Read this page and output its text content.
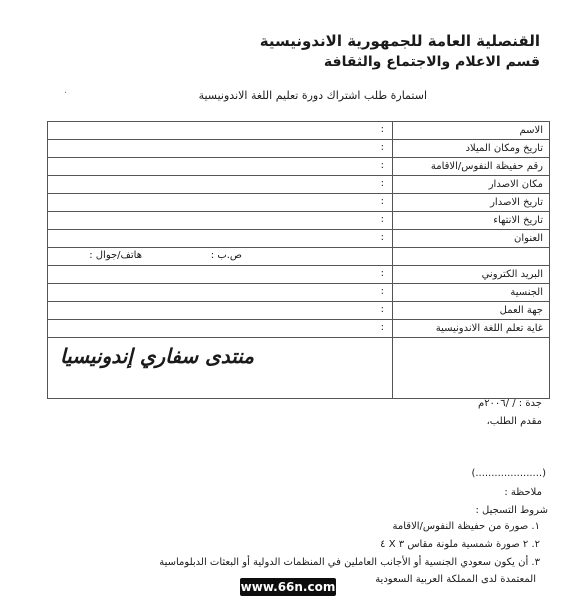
القنصلية العامة للجمهورية الاندونيسية
قسم الاعلام والاجتماع والثقافة
استمارة طلب اشتراك دورة تعليم اللغة الاندونيسية
·
:	الاسم

:	تاريخ ومكان الميلاد

:	رقم حفيظة النفوس/الاقامة

:	مكان الاصدار

:	تاريخ الاصدار

:	تاريخ الانتهاء

:	العنوان

ص.ب :
هاتف/جوال :	

:	البريد الكتروني

:	الجنسية

:	جهة العمل

:	غاية تعلم اللغة الاندونيسية

منتدى سفاري إندونيسيا
جدة : / /٢٠٠٦م
مقدم الطلب،
(.....................)
ملاحظة :
شروط التسجيل :
١. صورة من حفيظة النفوس/الاقامة
٢. ٢ صورة شمسية ملونة مقاس ٣ X ٤
٣. أن يكون سعودي الجنسية أو الأجانب العاملين في المنظمات الدولية أو البعثات الدبلوماسية
المعتمدة لدى المملكة العربية السعودية
www.66n.com
